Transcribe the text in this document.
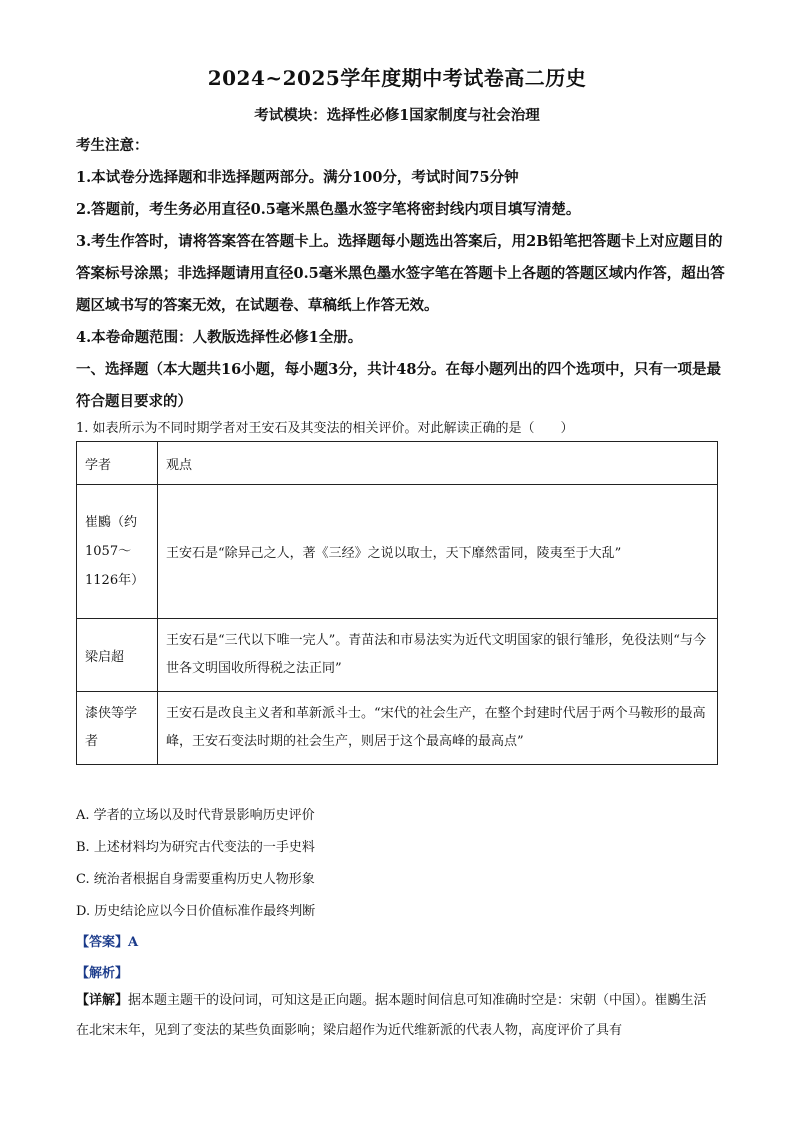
2024~2025学年度期中考试卷高二历史
考试模块：选择性必修1国家制度与社会治理

考生注意：

1.本试卷分选择题和非选择题两部分。满分100分，考试时间75分钟

2.答题前，考生务必用直径0.5毫米黑色墨水签字笔将密封线内项目填写清楚。

3.考生作答时，请将答案答在答题卡上。选择题每小题选出答案后，用2B铅笔把答题卡上对应题目的答案标号涂黑；非选择题请用直径0.5毫米黑色墨水签字笔在答题卡上各题的答题区域内作答，超出答题区域书写的答案无效，在试题卷、草稿纸上作答无效。

4.本卷命题范围：人教版选择性必修1全册。

一、选择题（本大题共16小题，每小题3分，共计48分。在每小题列出的四个选项中，只有一项是最符合题目要求的）

1. 如表所示为不同时期学者对王安石及其变法的相关评价。对此解读正确的是（　　）
学者	观点
崔鶠（约1057～1126年）	王安石是“除异己之人，著《三经》之说以取士，天下靡然雷同，陵夷至于大乱”
梁启超	王安石是“三代以下唯一完人”。青苗法和市易法实为近代文明国家的银行雏形，免役法则“与今世各文明国收所得税之法正同”
漆侠等学者	王安石是改良主义者和革新派斗士。“宋代的社会生产，在整个封建时代居于两个马鞍形的最高峰，王安石变法时期的社会生产，则居于这个最高峰的最高点”
A. 学者的立场以及时代背景影响历史评价
B. 上述材料均为研究古代变法的一手史料
C. 统治者根据自身需要重构历史人物形象
D. 历史结论应以今日价值标准作最终判断
【答案】A
【解析】
【详解】据本题主题干的设问词，可知这是正向题。据本题时间信息可知准确时空是：宋朝（中国）。崔鶠生活在北宋末年，见到了变法的某些负面影响；梁启超作为近代维新派的代表人物，高度评价了具有
